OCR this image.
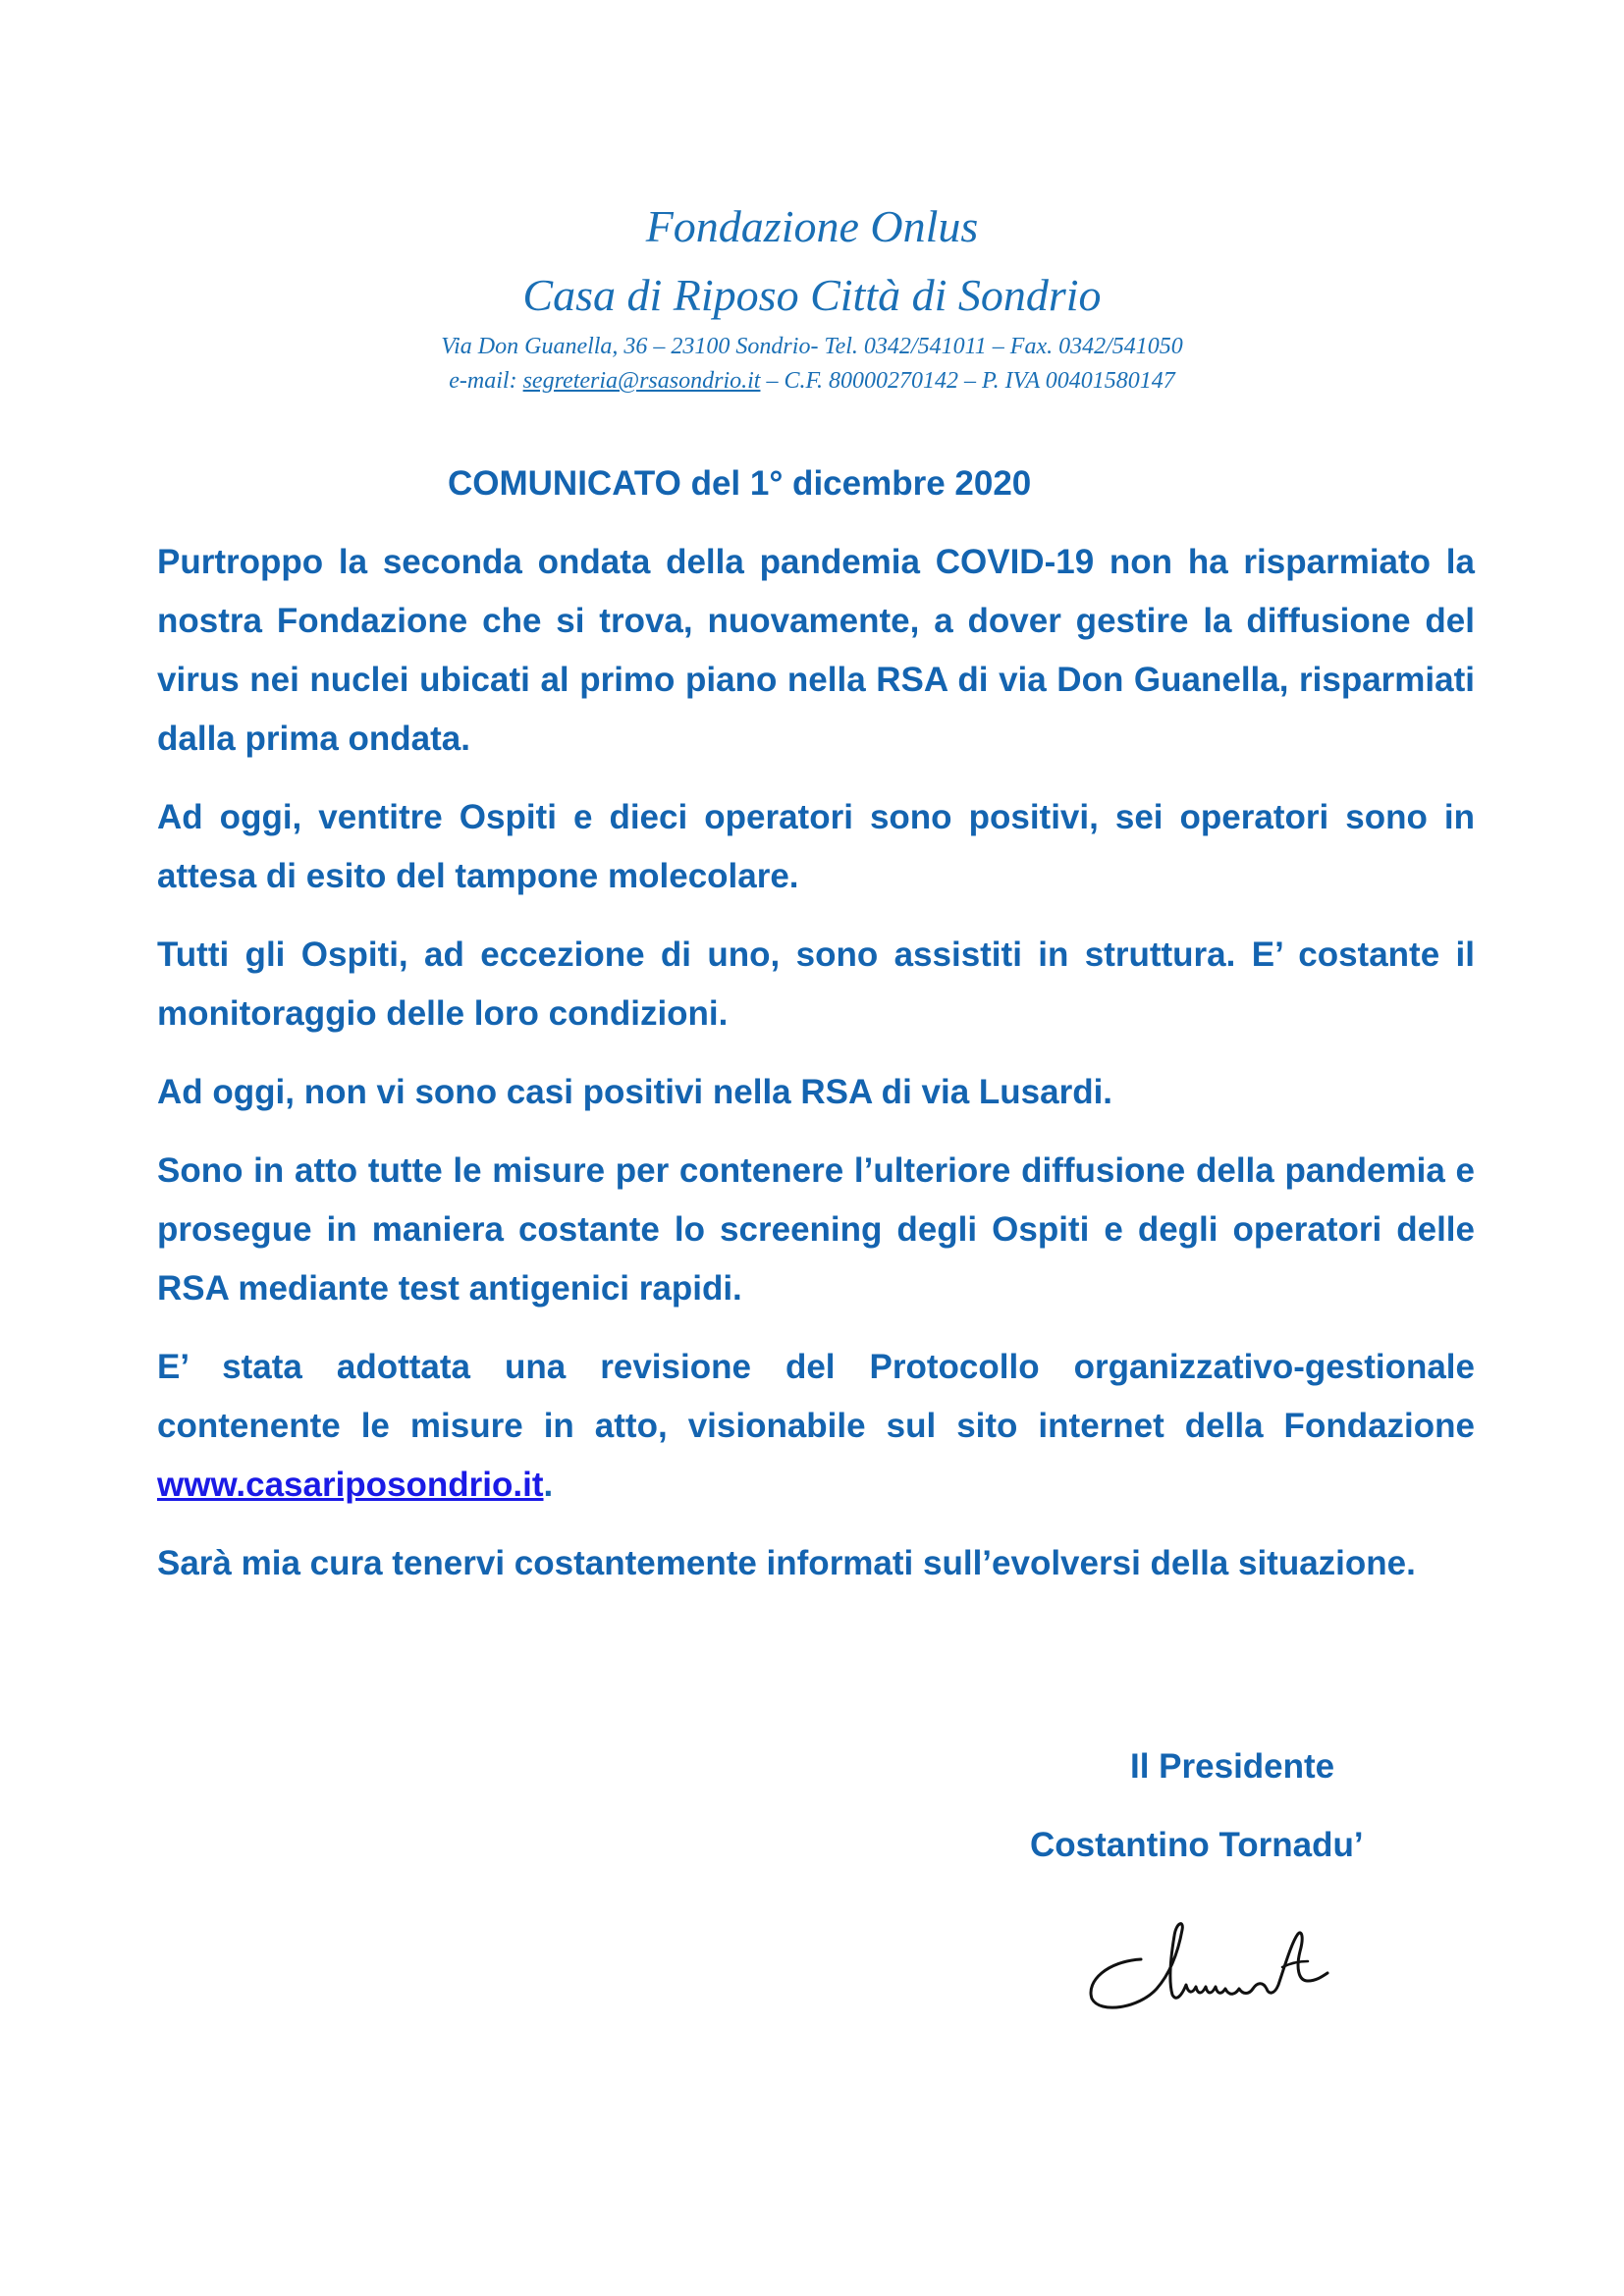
Fondazione Onlus
Casa di Riposo Città di Sondrio
Via Don Guanella, 36 – 23100 Sondrio- Tel. 0342/541011 – Fax. 0342/541050
e-mail: segreteria@rsasondrio.it – C.F. 80000270142 – P. IVA 00401580147
COMUNICATO del 1° dicembre 2020

Purtroppo la seconda ondata della pandemia COVID-19 non ha risparmiato la nostra Fondazione che si trova, nuovamente, a dover gestire la diffusione del virus nei nuclei ubicati al primo piano nella RSA di via Don Guanella, risparmiati dalla prima ondata.

Ad oggi, ventitre Ospiti e dieci operatori sono positivi, sei operatori sono in attesa di esito del tampone molecolare.

Tutti gli Ospiti, ad eccezione di uno, sono assistiti in struttura. E’ costante il monitoraggio delle loro condizioni.

Ad oggi, non vi sono casi positivi nella RSA di via Lusardi.

Sono in atto tutte le misure per contenere l’ulteriore diffusione della pandemia e prosegue in maniera costante lo screening degli Ospiti e degli operatori delle RSA mediante test antigenici rapidi.

E’ stata adottata una revisione del Protocollo organizzativo-gestionale contenente le misure in atto, visionabile sul sito internet della Fondazione www.casariposondrio.it.

Sarà mia cura tenervi costantemente informati sull’evolversi della situazione.

Il Presidente
Costantino Tornadu’
